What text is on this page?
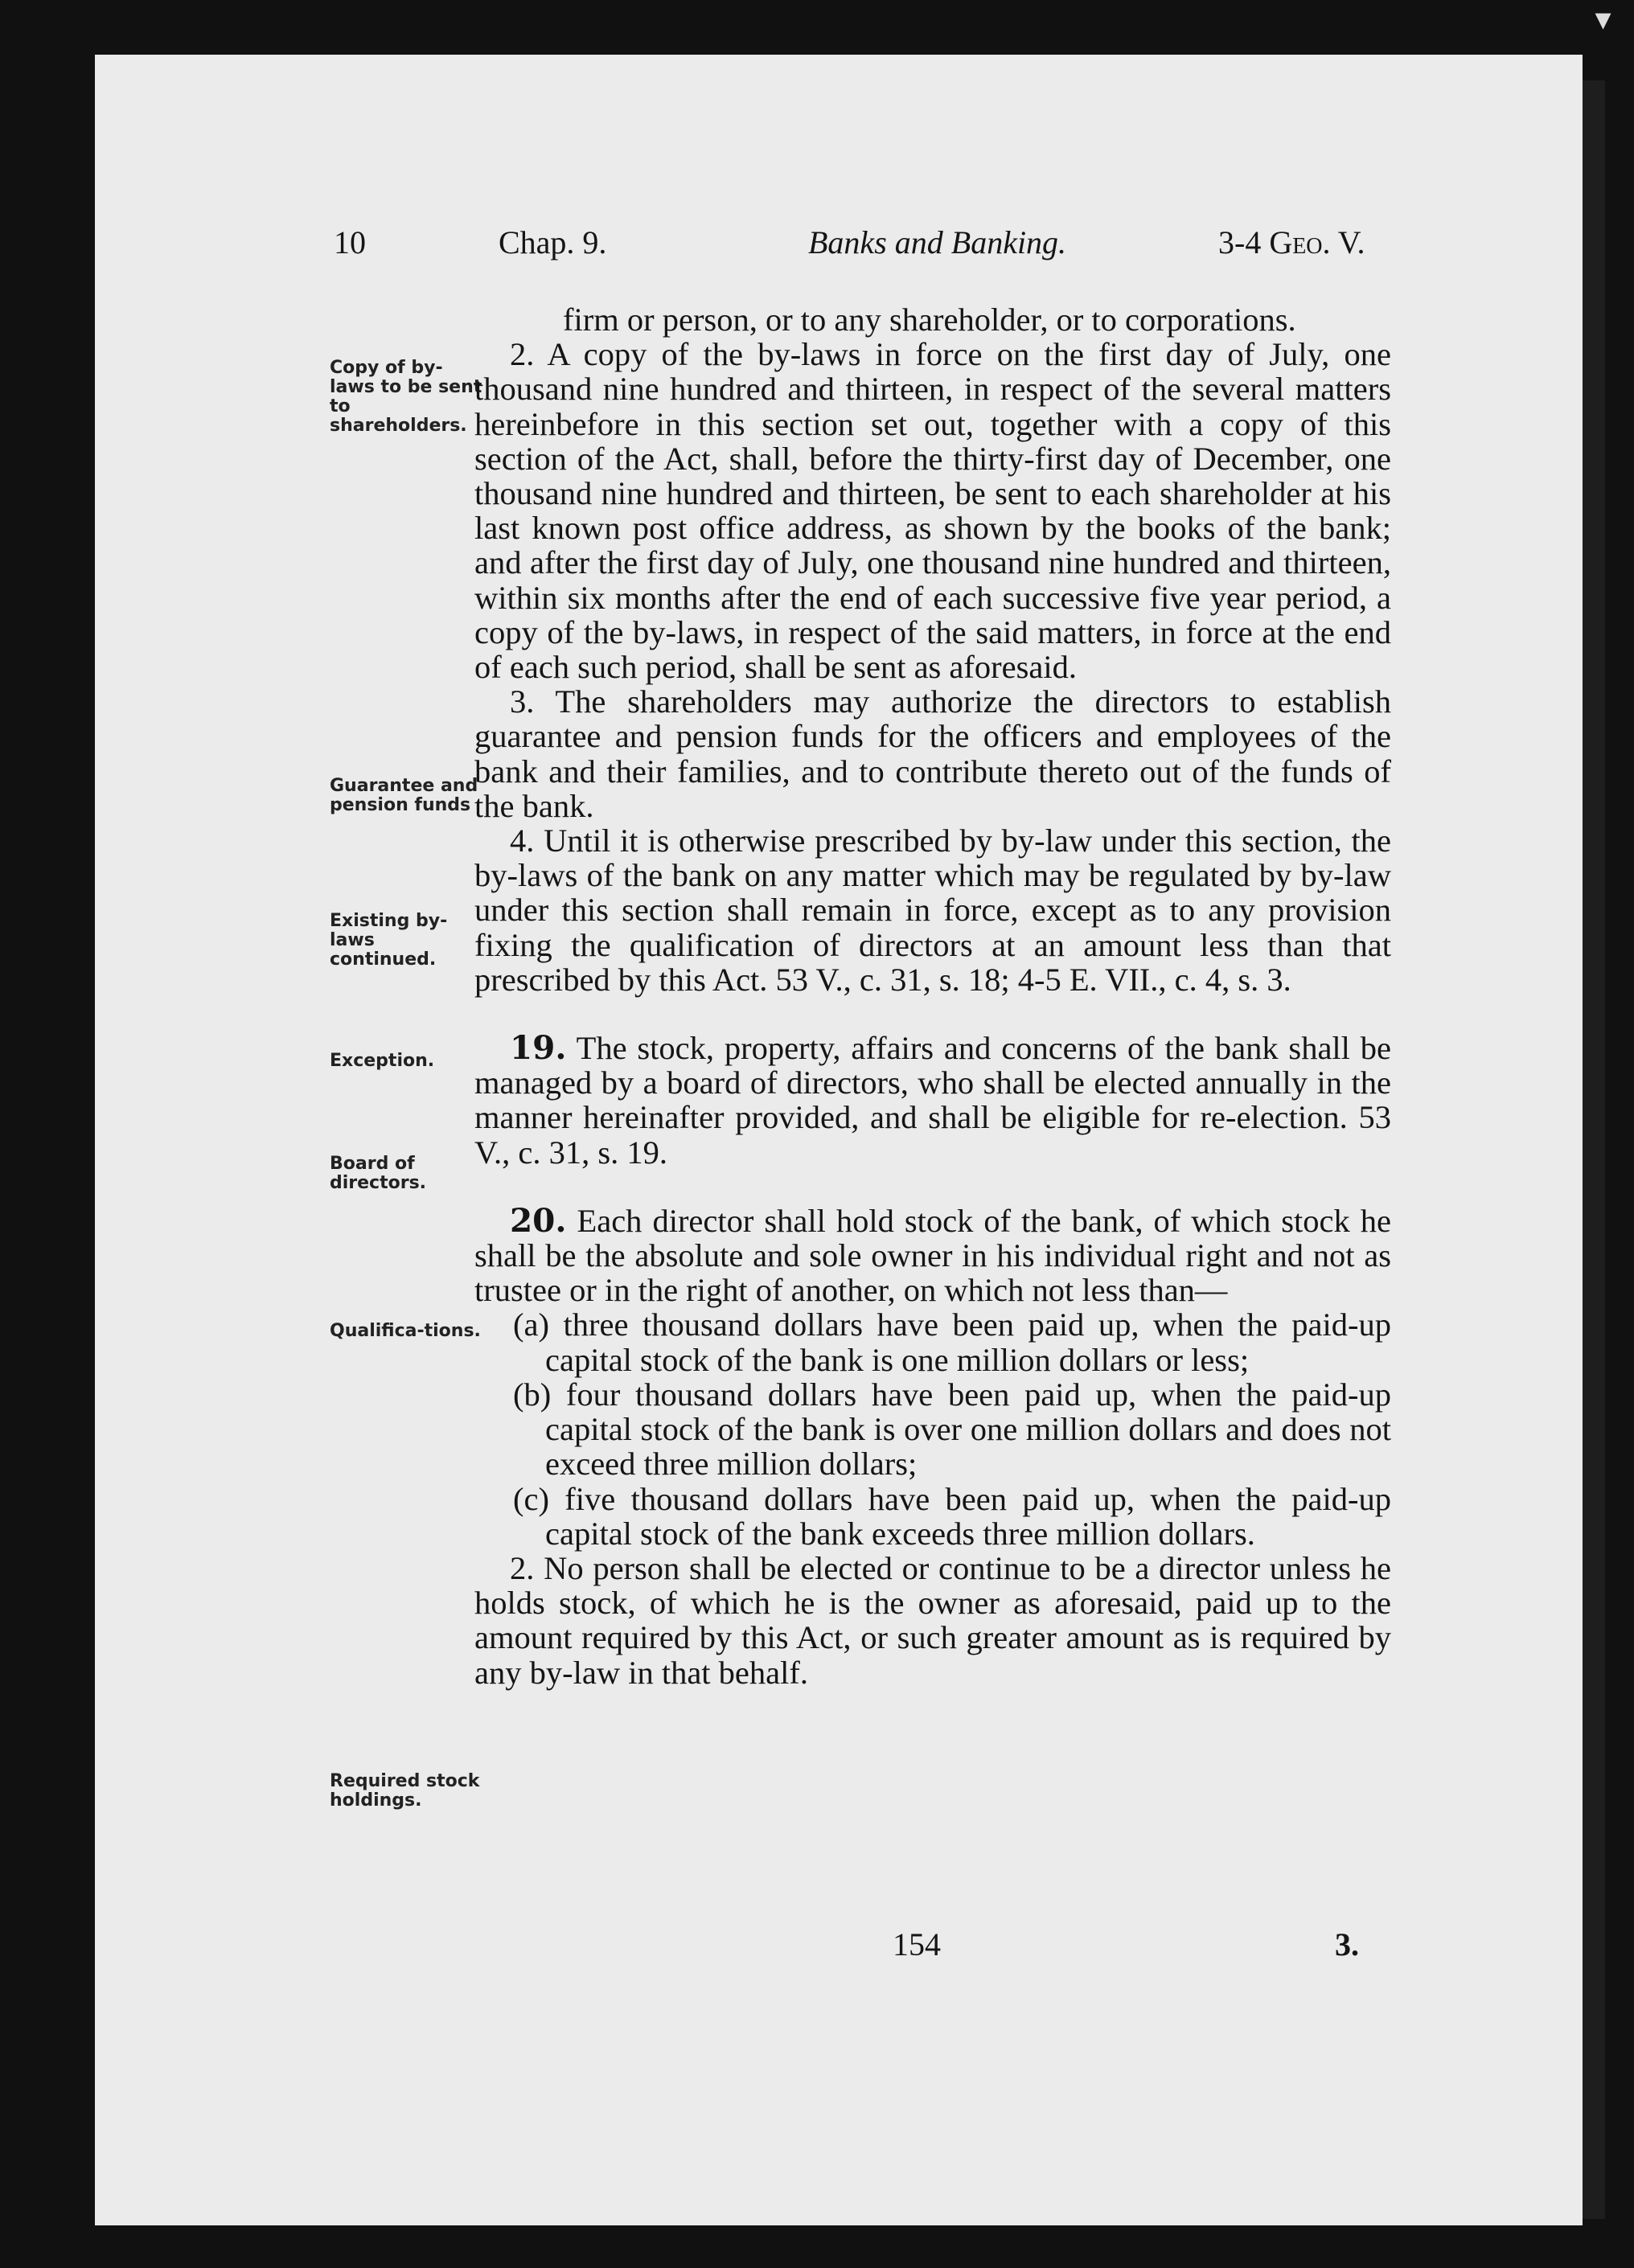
▾
10	Chap. 9.	Banks and Banking.	3-4 Geo. V.
Copy of by-laws to be sent to shareholders.
Guarantee and pension funds
Existing by-laws continued.
Exception.
Board of directors.
Qualifica-tions.
Required stock holdings.

firm or person, or to any shareholder, or to corporations.

2. A copy of the by-laws in force on the first day of July, one thousand nine hundred and thirteen, in respect of the several matters hereinbefore in this section set out, together with a copy of this section of the Act, shall, before the thirty-first day of December, one thousand nine hundred and thirteen, be sent to each shareholder at his last known post office address, as shown by the books of the bank; and after the first day of July, one thousand nine hundred and thirteen, within six months after the end of each successive five year period, a copy of the by-laws, in respect of the said matters, in force at the end of each such period, shall be sent as aforesaid.

3. The shareholders may authorize the directors to establish guarantee and pension funds for the officers and employees of the bank and their families, and to contribute thereto out of the funds of the bank.

4. Until it is otherwise prescribed by by-law under this section, the by-laws of the bank on any matter which may be regulated by by-law under this section shall remain in force, except as to any provision fixing the qualification of directors at an amount less than that prescribed by this Act. 53 V., c. 31, s. 18; 4-5 E. VII., c. 4, s. 3.

19. The stock, property, affairs and concerns of the bank shall be managed by a board of directors, who shall be elected annually in the manner hereinafter provided, and shall be eligible for re-election. 53 V., c. 31, s. 19.

20. Each director shall hold stock of the bank, of which stock he shall be the absolute and sole owner in his individual right and not as trustee or in the right of another, on which not less than—

(a) three thousand dollars have been paid up, when the paid-up capital stock of the bank is one million dollars or less;

(b) four thousand dollars have been paid up, when the paid-up capital stock of the bank is over one million dollars and does not exceed three million dollars;

(c) five thousand dollars have been paid up, when the paid-up capital stock of the bank exceeds three million dollars.

2. No person shall be elected or continue to be a director unless he holds stock, of which he is the owner as aforesaid, paid up to the amount required by this Act, or such greater amount as is required by any by-law in that behalf.

154	3.
